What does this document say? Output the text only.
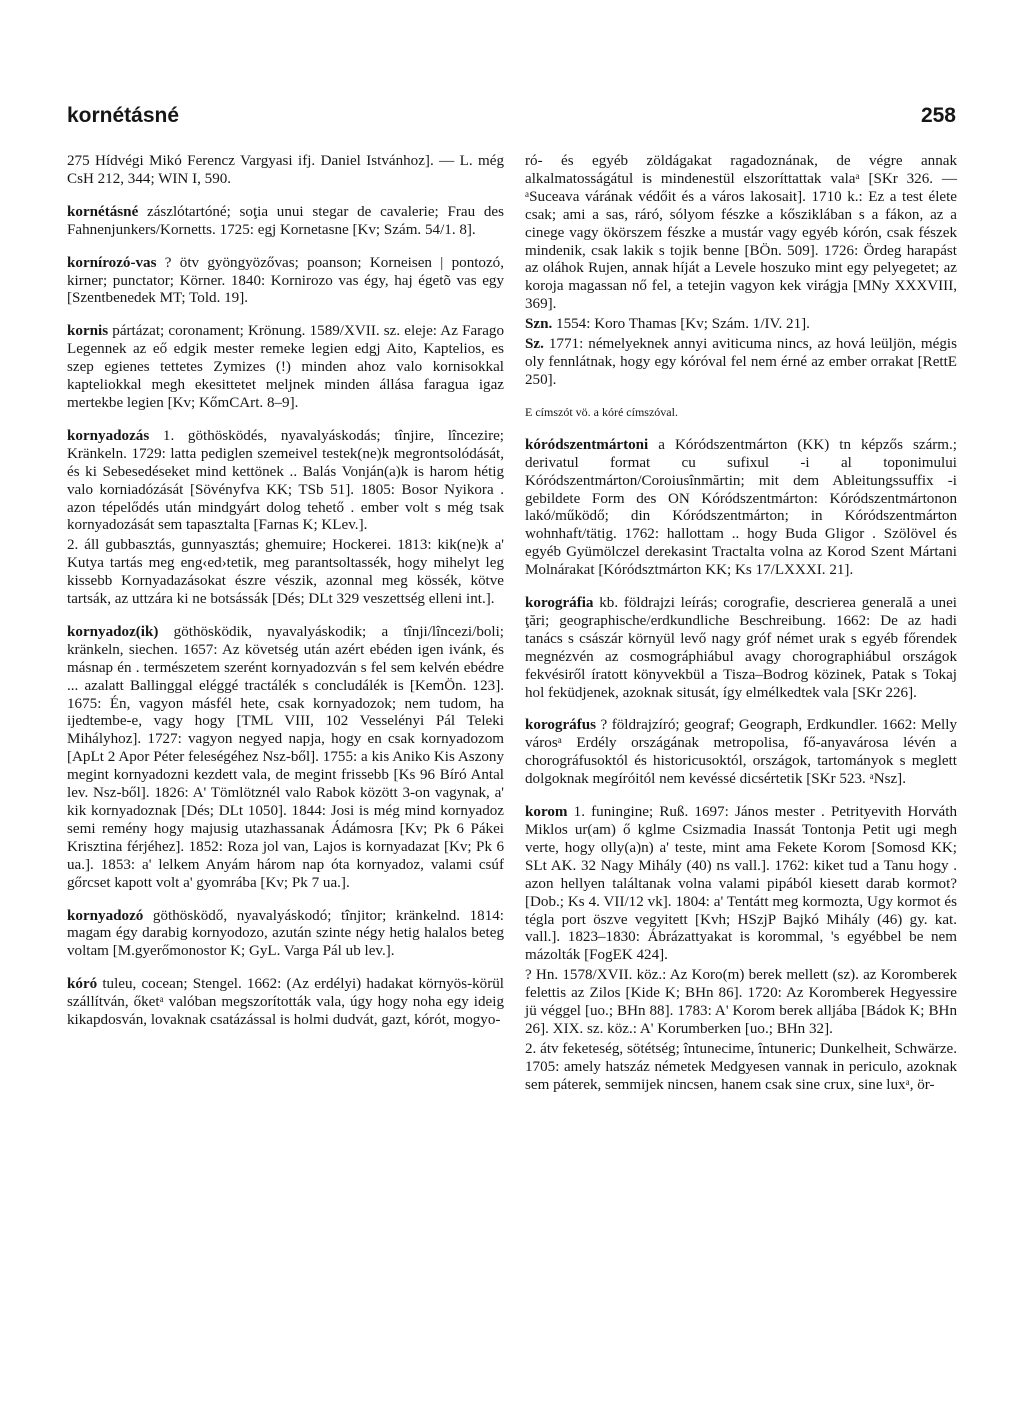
kornétásné	258

275 Hídvégi Mikó Ferencz Vargyasi ifj. Daniel Istvánhoz]. — L. még CsH 212, 344; WIN I, 590.

kornétásné zászlótartóné; soţia unui stegar de cavalerie; Frau des Fahnenjunkers/Kornetts. 1725: egj Kornetasne [Kv; Szám. 54/1. 8].

kornírozó-vas ? ötv gyöngyözővas; poanson; Korneisen | pontozó, kirner; punctator; Körner. 1840: Kornirozo vas égy, haj égetõ vas egy [Szentbenedek MT; Told. 19].

kornis pártázat; coronament; Krönung. 1589/XVII. sz. eleje: Az Farago Legennek az eő edgik mester remeke legien edgj Aito, Kaptelios, es szep egienes tettetes Zymizes (!) minden ahoz valo kornisokkal kapteliokkal megh ekesittetet meljnek minden állása faragua igaz mertekbe legien [Kv; KőmCArt. 8–9].

kornyadozás 1. göthösködés, nyavalyáskodás; tînjire, lîncezire; Kränkeln. 1729: latta pediglen szemeivel testek(ne)k megrontsolódását, és ki Sebesedéseket mind kettönek .. Balás Vonján(a)k is harom hétig valo korniadózását [Sövényfva KK; TSb 51]. 1805: Bosor Nyikora . azon tépelődés után mindgyárt dolog tehető . ember volt s még tsak kornyadozását sem tapasztalta [Farnas K; KLev.].

2. áll gubbasztás, gunnyasztás; ghemuire; Hockerei. 1813: kik(ne)k a' Kutya tartás meg eng‹ed›tetik, meg parantsoltassék, hogy mihelyt leg kissebb Kornyadazásokat észre vészik, azonnal meg kössék, kötve tartsák, az uttzára ki ne botsássák [Dés; DLt 329 veszettség elleni int.].

kornyadoz(ik) göthösködik, nyavalyáskodik; a tînji/lîncezi/boli; kränkeln, siechen. 1657: Az követség után azért ebéden igen ivánk, és másnap én . természetem szerént kornyadozván s fel sem kelvén ebédre ... azalatt Ballinggal eléggé tractálék s concludálék is [KemÖn. 123]. 1675: Én, vagyon másfél hete, csak kornyadozok; nem tudom, ha ijedtembe-e, vagy hogy [TML VIII, 102 Vesselényi Pál Teleki Mihályhoz]. 1727: vagyon negyed napja, hogy en csak kornyadozom [ApLt 2 Apor Péter feleségéhez Nsz-ből]. 1755: a kis Aniko Kis Aszony megint kornyadozni kezdett vala, de megint frissebb [Ks 96 Bíró Antal lev. Nsz-ből]. 1826: A' Tömlötznél valo Rabok között 3-on vagynak, a' kik kornyadoznak [Dés; DLt 1050]. 1844: Josi is még mind kornyadoz semi remény hogy majusig utazhassanak Ádámosra [Kv; Pk 6 Pákei Krisztina férjéhez]. 1852: Roza jol van, Lajos is kornyadazat [Kv; Pk 6 ua.]. 1853: a' lelkem Anyám három nap óta kornyadoz, valami csúf gőrcset kapott volt a' gyomrába [Kv; Pk 7 ua.].

kornyadozó göthösködő, nyavalyáskodó; tînjitor; kränkelnd. 1814: magam égy darabig kornyodozo, azután szinte négy hetig halalos beteg voltam [M.gyerőmonostor K; GyL. Varga Pál ub lev.].

kóró tuleu, cocean; Stengel. 1662: (Az erdélyi) hadakat környös-körül szállítván, őketᵃ valóban megszorították vala, úgy hogy noha egy ideig kikapdosván, lovaknak csatázással is holmi dudvát, gazt, kórót, mogyo-

ró- és egyéb zöldágakat ragadoznának, de végre annak alkalmatosságátul is mindenestül elszoríttattak valaᵃ [SKr 326. — ᵃSuceava várának védőit és a város lakosait]. 1710 k.: Ez a test élete csak; ami a sas, ráró, sólyom fészke a kősziklában s a fákon, az a cinege vagy ökörszem fészke a mustár vagy egyéb kórón, csak fészek mindenik, csak lakik s tojik benne [BÖn. 509]. 1726: Ördeg harapást az oláhok Rujen, annak híját a Levele hoszuko mint egy pelyegetet; az koroja magassan nő fel, a tetejin vagyon kek virágja [MNy XXXVIII, 369].

Szn. 1554: Koro Thamas [Kv; Szám. 1/IV. 21].

Sz. 1771: némelyeknek annyi aviticuma nincs, az hová leüljön, mégis oly fennlátnak, hogy egy kóróval fel nem érné az ember orrakat [RettE 250].

E címszót vö. a kóré címszóval.

kóródszentmártoni a Kóródszentmárton (KK) tn képzős szárm.; derivatul format cu sufixul -i al toponimului Kóródszentmárton/Coroiusînmărtin; mit dem Ableitungssuffix -i gebildete Form des ON Kóródszentmárton: Kóródszentmártonon lakó/működő; din Kóródszentmárton; in Kóródszentmárton wohnhaft/tätig. 1762: hallottam .. hogy Buda Gligor . Szölövel és egyéb Gyümölczel derekasint Tractalta volna az Korod Szent Mártani Molnárakat [Kóródsztmárton KK; Ks 17/LXXXI. 21].

korográfia kb. földrajzi leírás; corografie, descrierea generală a unei ţări; geographische/erdkundliche Beschreibung. 1662: De az hadi tanács s császár környül levő nagy gróf német urak s egyéb főrendek megnézvén az cosmográphiábul avagy chorographiábul országok fekvésiről íratott könyvekbül a Tisza–Bodrog közinek, Patak s Tokaj hol feküdjenek, azoknak situsát, így elmélkedtek vala [SKr 226].

korográfus ? földrajzíró; geograf; Geograph, Erdkundler. 1662: Melly városᵃ Erdély országának metropolisa, fő-anyavárosa lévén a chorográfusoktól és historicusoktól, országok, tartományok s meglett dolgoknak megíróitól nem kevéssé dicsértetik [SKr 523. ᵃNsz].

korom 1. funingine; Ruß. 1697: János mester . Petrityevith Horváth Miklos ur(am) ő kglme Csizmadia Inassát Tontonja Petit ugi megh verte, hogy olly(a)n) a' teste, mint ama Fekete Korom [Somosd KK; SLt AK. 32 Nagy Mihály (40) ns vall.]. 1762: kiket tud a Tanu hogy . azon hellyen találtanak volna valami pipából kiesett darab kormot? [Dob.; Ks 4. VII/12 vk]. 1804: a' Tentátt meg kormozta, Ugy kormot és tégla port öszve vegyitett [Kvh; HSzjP Bajkó Mihály (46) gy. kat. vall.]. 1823–1830: Ábrázattyakat is korommal, 's egyébbel be nem mázolták [FogEK 424].

? Hn. 1578/XVII. köz.: Az Koro(m) berek mellett (sz). az Koromberek felettis az Zilos [Kide K; BHn 86]. 1720: Az Koromberek Hegyessire jü véggel [uo.; BHn 88]. 1783: A' Korom berek alljába [Bádok K; BHn 26]. XIX. sz. köz.: A' Korumberken [uo.; BHn 32].

2. átv feketeség, sötétség; întunecime, întuneric; Dunkelheit, Schwärze. 1705: amely hatszáz németek Medgyesen vannak in periculo, azoknak sem páterek, semmijek nincsen, hanem csak sine crux, sine luxᵃ, ör-
